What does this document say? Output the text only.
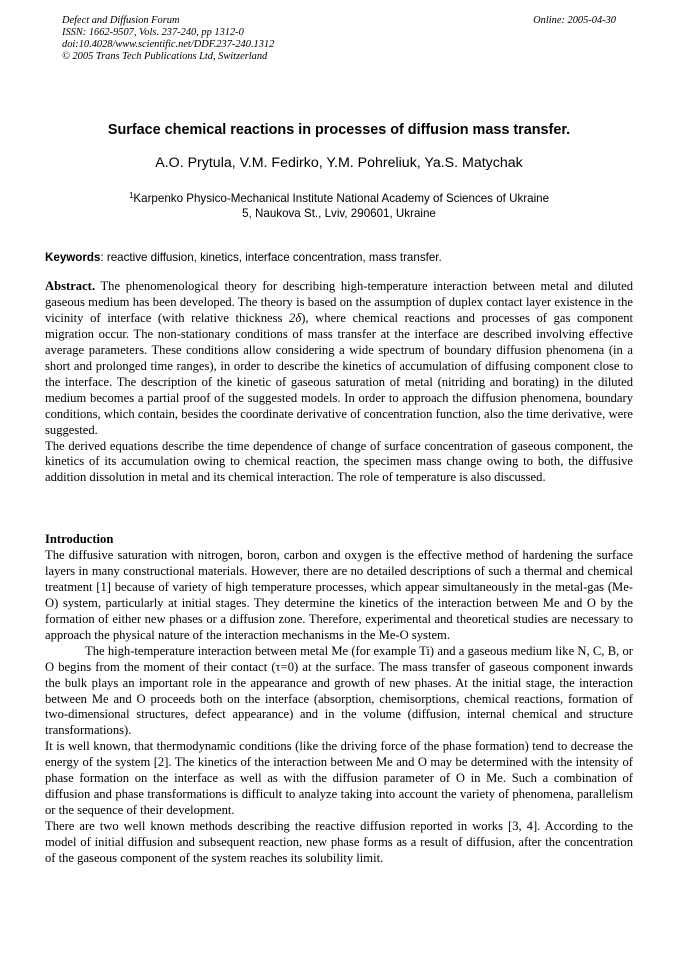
Defect and Diffusion Forum
ISSN: 1662-9507, Vols. 237-240, pp 1312-0
doi:10.4028/www.scientific.net/DDF.237-240.1312
© 2005 Trans Tech Publications Ltd, Switzerland
Online: 2005-04-30
Surface chemical reactions in processes of diffusion mass transfer.
A.O. Prytula, V.M. Fedirko, Y.M. Pohreliuk, Ya.S. Matychak
$^1$Karpenko Physico-Mechanical Institute National Academy of Sciences of Ukraine
5, Naukova St., Lviv, 290601, Ukraine
Keywords: reactive diffusion, kinetics, interface concentration, mass transfer.

Abstract. The phenomenological theory for describing high-temperature interaction between metal and diluted gaseous medium has been developed. The theory is based on the assumption of duplex contact layer existence in the vicinity of interface (with relative thickness 2δ), where chemical reactions and processes of gas component migration occur. The non-stationary conditions of mass transfer at the interface are described involving effective average parameters. These conditions allow considering a wide spectrum of boundary diffusion phenomena (in a short and prolonged time ranges), in order to describe the kinetics of accumulation of diffusing component close to the interface. The description of the kinetic of gaseous saturation of metal (nitriding and borating) in the diluted medium becomes a partial proof of the suggested models. In order to approach the diffusion phenomena, boundary conditions, which contain, besides the coordinate derivative of concentration function, also the time derivative, were suggested.

The derived equations describe the time dependence of change of surface concentration of gaseous component, the kinetics of its accumulation owing to chemical reaction, the specimen mass change owing to both, the diffusive addition dissolution in metal and its chemical interaction. The role of temperature is also discussed.

Introduction

The diffusive saturation with nitrogen, boron, carbon and oxygen is the effective method of hardening the surface layers in many constructional materials. However, there are no detailed descriptions of such a thermal and chemical treatment [1] because of variety of high temperature processes, which appear simultaneously in the metal-gas (Me-O) system, particularly at initial stages. They determine the kinetics of the interaction between Me and O by the formation of either new phases or a diffusion zone. Therefore, experimental and theoretical studies are necessary to approach the physical nature of the interaction mechanisms in the Me-O system.

The high-temperature interaction between metal Me (for example Ti) and a gaseous medium like N, C, B, or O begins from the moment of their contact (τ=0) at the surface. The mass transfer of gaseous component inwards the bulk plays an important role in the appearance and growth of new phases. At the initial stage, the interaction between Me and O proceeds both on the interface (absorption, chemisorptions, chemical reactions, formation of two-dimensional structures, defect appearance) and in the volume (diffusion, internal chemical and structure transformations).

It is well known, that thermodynamic conditions (like the driving force of the phase formation) tend to decrease the energy of the system [2]. The kinetics of the interaction between Me and O may be determined with the intensity of phase formation on the interface as well as with the diffusion parameter of O in Me. Such a combination of diffusion and phase transformations is difficult to analyze taking into account the variety of phenomena, parallelism or the sequence of their development.

There are two well known methods describing the reactive diffusion reported in works [3, 4]. According to the model of initial diffusion and subsequent reaction, new phase forms as a result of diffusion, after the concentration of the gaseous component of the system reaches its solubility limit.
